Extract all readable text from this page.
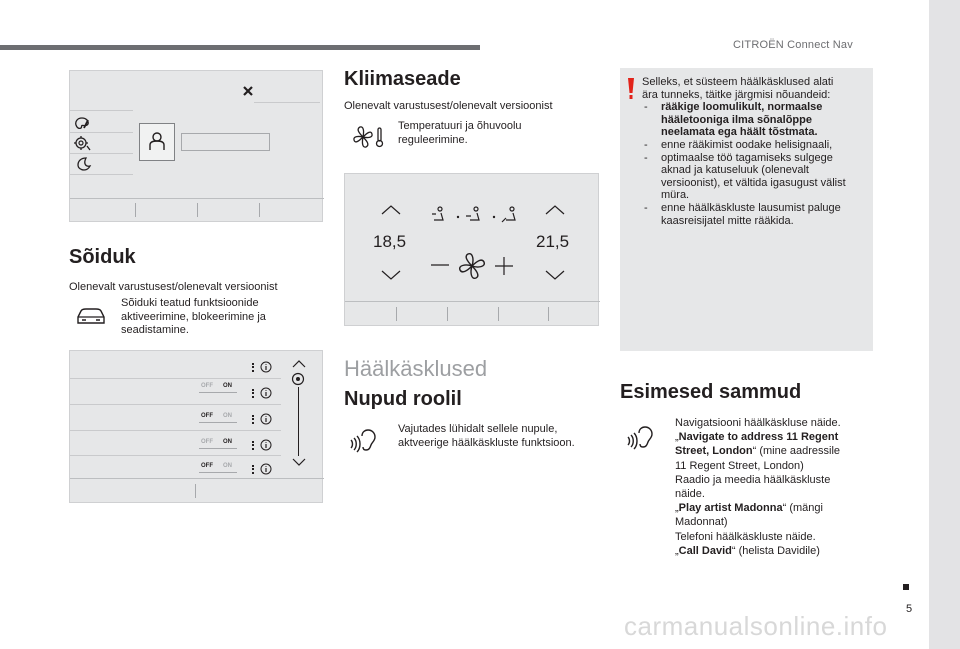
CITROËN Connect Nav
5
Sõiduk
Olenevalt varustusest/olenevalt versioonist
Sõiduki teatud funktsioonide
aktiveerimine, blokeerimine ja
seadistamine.
OFF ON
OFF ON
OFF ON
OFF ON
Kliimaseade
Olenevalt varustusest/olenevalt versioonist
Temperatuuri ja õhuvoolu
reguleerimine.
18,5	21,5
Häälkäsklused
Nupud roolil
Vajutades lühidalt sellele nupule,
aktveerige häälkäskluste funktsioon.
Selleks, et süsteem häälkäsklused alati
ära tunneks, täitke järgmisi nõuandeid:
- rääkige loomulikult, normaalse
hääletooniga ilma sõnalõppe
neelamata ega häält tõstmata.
- enne rääkimist oodake helisignaali,
- optimaalse töö tagamiseks sulgege
aknad ja katuseluuk (olenevalt
versioonist), et vältida igasugust välist
müra.
- enne häälkäskluste lausumist paluge
kaasreisijatel mitte rääkida.
Esimesed sammud
Navigatsiooni häälkäskluse näide.
„Navigate to address 11 Regent
Street, London“ (mine aadressile
11 Regent Street, London)
Raadio ja meedia häälkäskluste
näide.
„Play artist Madonna“ (mängi
Madonnat)
Telefoni häälkäskluste näide.
„Call David“ (helista Davidile)
carmanualsonline.info
